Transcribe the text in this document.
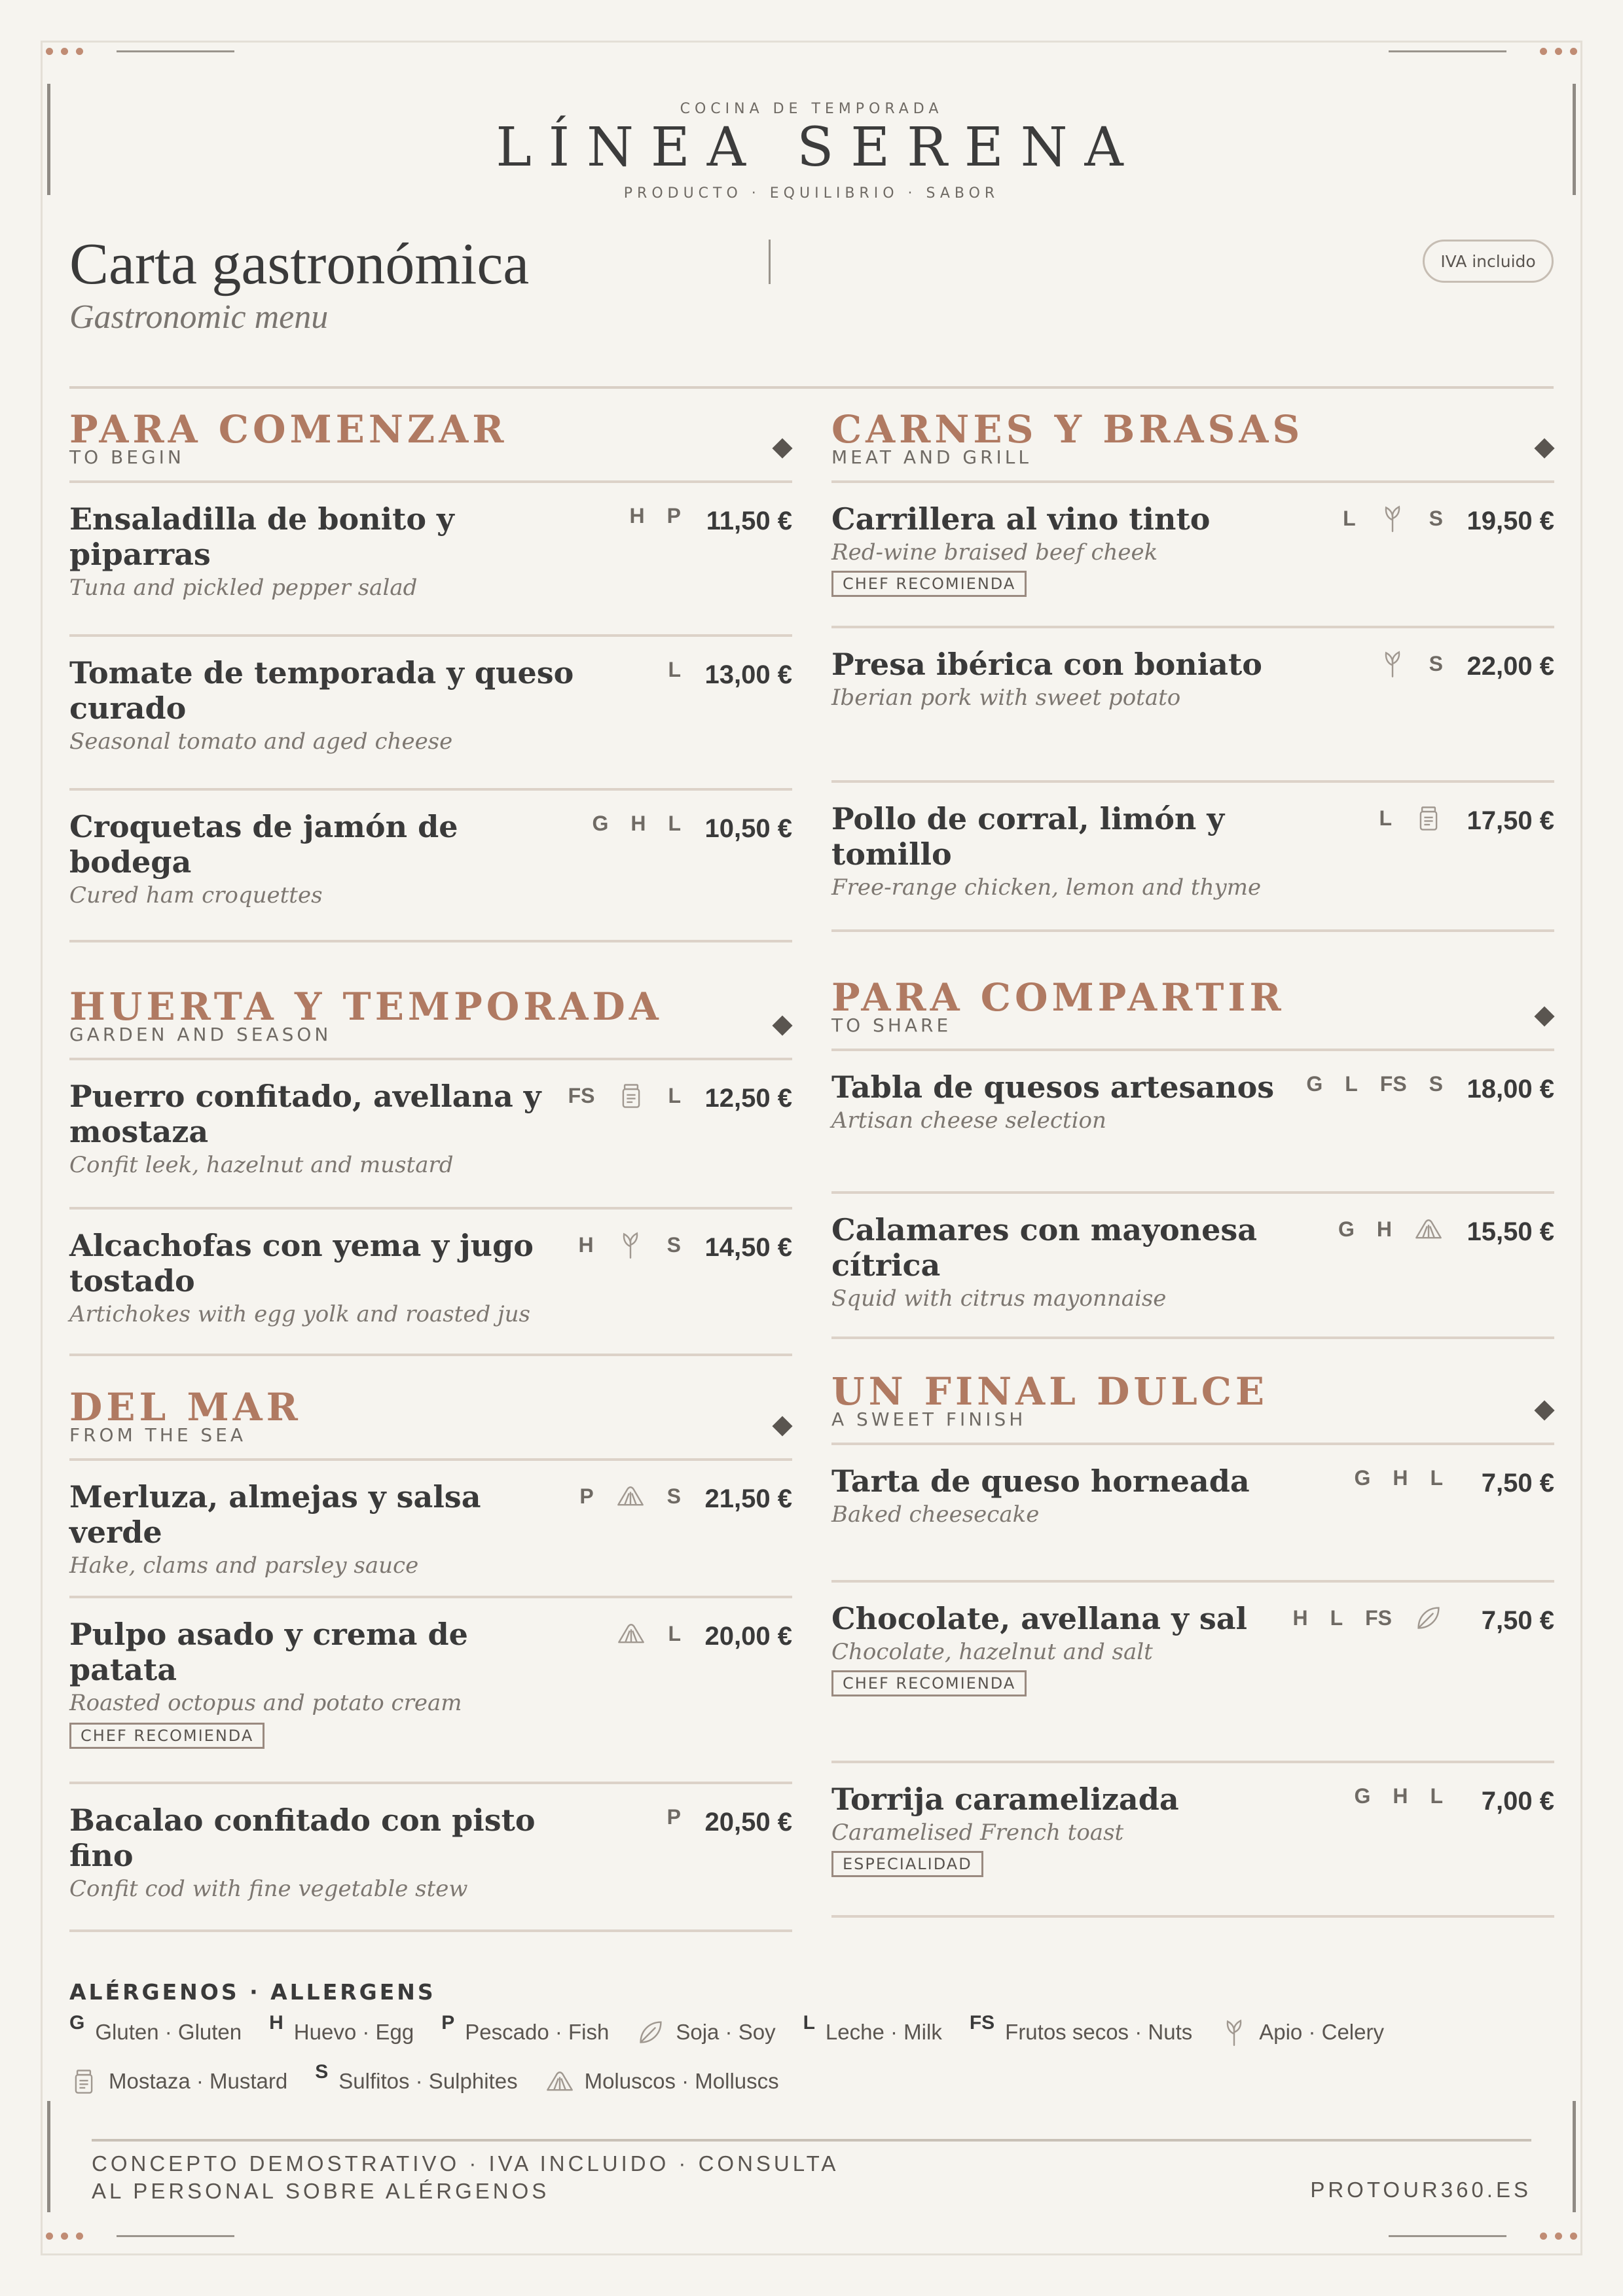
COCINA DE TEMPORADA
LÍNEA SERENA
PRODUCTO · EQUILIBRIO · SABOR
Carta gastronómica
Gastronomic menu
IVA incluido
PARA COMENZAR
TO BEGIN
Ensaladilla de bonito y piparras
Tuna and pickled pepper salad
11,50 €
H P
Tomate de temporada y queso curado
Seasonal tomato and aged cheese
13,00 €
L
Croquetas de jamón de bodega
Cured ham croquettes
10,50 €
G H L
HUERTA Y TEMPORADA
GARDEN AND SEASON
Puerro confitado, avellana y mostaza
Confit leek, hazelnut and mustard
12,50 €
FS	L
Alcachofas con yema y jugo tostado
Artichokes with egg yolk and roasted jus
14,50 €
H	S
DEL MAR
FROM THE SEA
Merluza, almejas y salsa verde
Hake, clams and parsley sauce
21,50 €
P	S
Pulpo asado y crema de patata
Roasted octopus and potato cream
20,00 €
L
CHEF RECOMIENDA
Bacalao confitado con pisto fino
Confit cod with fine vegetable stew
20,50 €
P
CARNES Y BRASAS
MEAT AND GRILL
Carrillera al vino tinto
Red-wine braised beef cheek
19,50 €
L	S
CHEF RECOMIENDA
Presa ibérica con boniato
Iberian pork with sweet potato
22,00 €
S
Pollo de corral, limón y tomillo
Free-range chicken, lemon and thyme
17,50 €
L
PARA COMPARTIR
TO SHARE
Tabla de quesos artesanos
Artisan cheese selection
18,00 €
G L FS S
Calamares con mayonesa cítrica
Squid with citrus mayonnaise
15,50 €
G H
UN FINAL DULCE
A SWEET FINISH
Tarta de queso horneada
Baked cheesecake
7,50 €
G H L
Chocolate, avellana y sal
Chocolate, hazelnut and salt
7,50 €
H L FS
CHEF RECOMIENDA
Torrija caramelizada
Caramelised French toast
7,00 €
G H L
ESPECIALIDAD
ALÉRGENOS · ALLERGENS
G Gluten · Gluten H Huevo · Egg P Pescado · Fish	Soja · Soy L Leche · Milk FS Frutos secos · Nuts	Apio · Celery
Mostaza · Mustard S Sulfitos · Sulphites	Moluscos · Molluscs
CONCEPTO DEMOSTRATIVO · IVA INCLUIDO · CONSULTA
AL PERSONAL SOBRE ALÉRGENOS	PROTOUR360.ES
